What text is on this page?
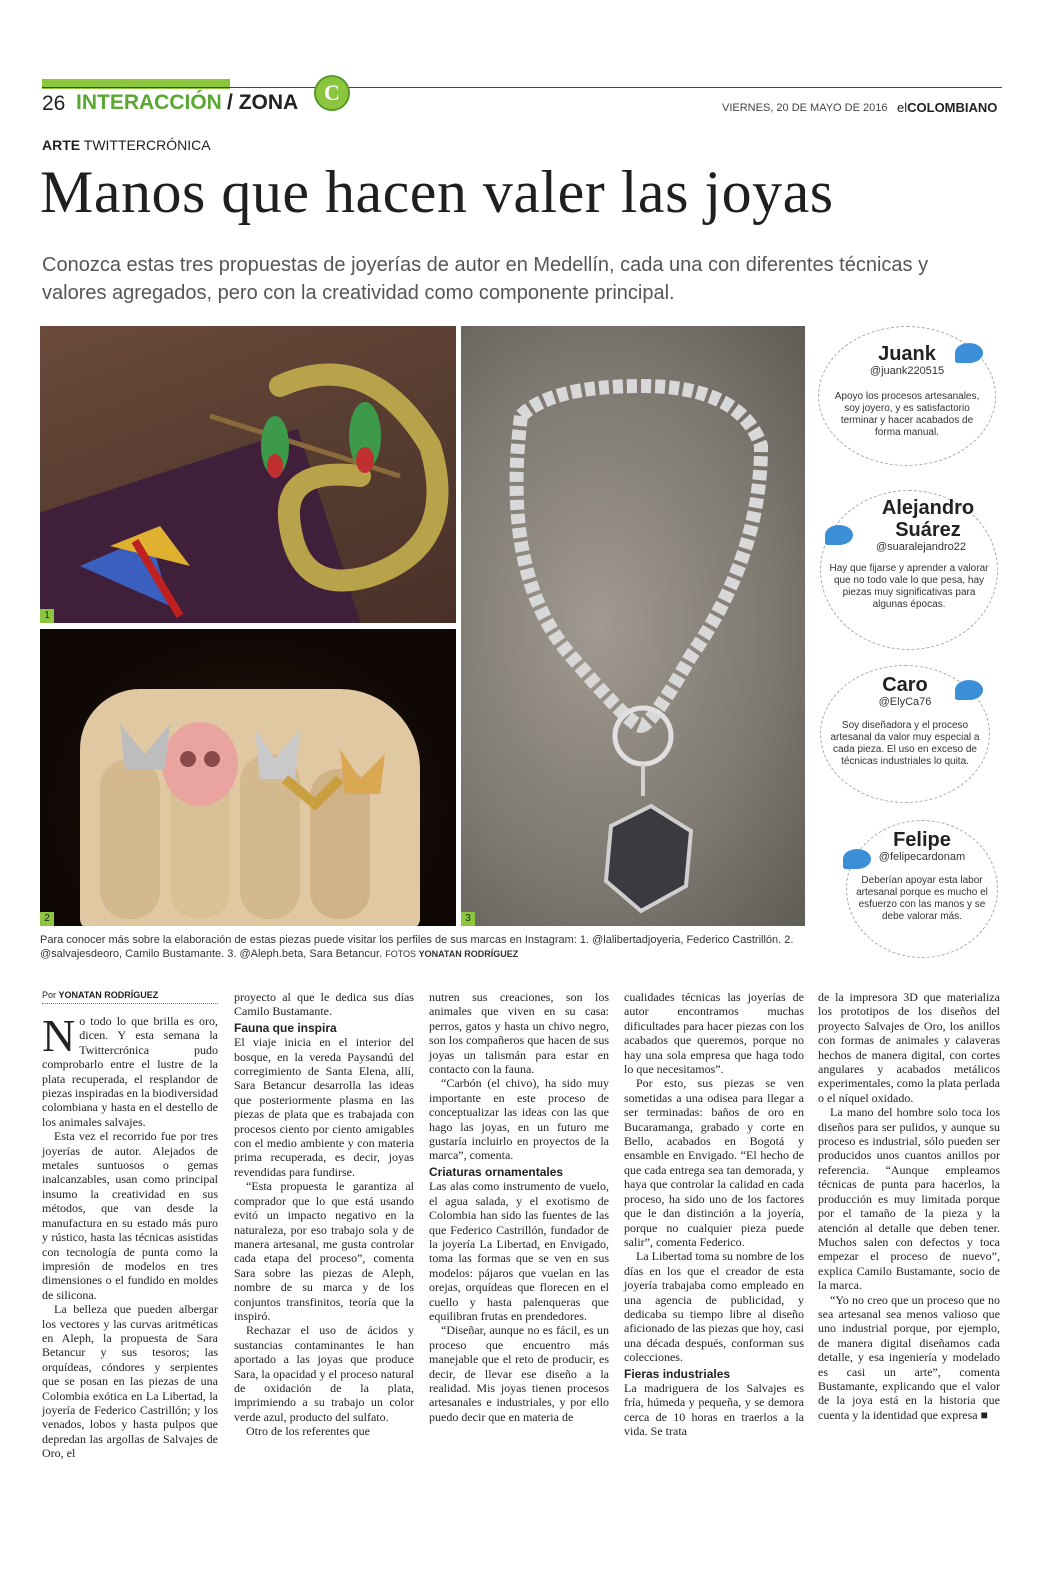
26 INTERACCIÓN / ZONA C
VIERNES, 20 DE MAYO DE 2016 elCOLOMBIANO
ARTE TWITTERCRÓNICA
Manos que hacen valer las joyas
Conozca estas tres propuestas de joyerías de autor en Medellín, cada una con diferentes técnicas y valores agregados, pero con la creatividad como componente principal.
1
2	3
Para conocer más sobre la elaboración de estas piezas puede visitar los perfiles de sus marcas en Instagram: 1. @lalibertadjoyeria, Federico Castrillón. 2. @salvajesdeoro, Camilo Bustamante. 3. @Aleph.beta, Sara Betancur. FOTOS YONATAN RODRÍGUEZ
Juank
@juank220515
Apoyo los procesos artesanales, soy joyero, y es satisfactorio terminar y hacer acabados de forma manual.
Alejandro Suárez
@suaralejandro22
Hay que fijarse y aprender a valorar que no todo vale lo que pesa, hay piezas muy significativas para algunas épocas.
Caro
@ElyCa76
Soy diseñadora y el proceso artesanal da valor muy especial a cada pieza. El uso en exceso de técnicas industriales lo quita.
Felipe
@felipecardonam
Deberían apoyar esta labor artesanal porque es mucho el esfuerzo con las manos y se debe valorar más.
Por YONATAN RODRÍGUEZ

No todo lo que brilla es oro, dicen. Y esta semana la Twittercrónica pudo comprobarlo entre el lustre de la plata recuperada, el resplandor de piezas inspiradas en la biodiversidad colombiana y hasta en el destello de los animales salvajes.

Esta vez el recorrido fue por tres joyerías de autor. Alejados de metales suntuosos o gemas inalcanzables, usan como principal insumo la creatividad en sus métodos, que van desde la manufactura en su estado más puro y rústico, hasta las técnicas asistidas con tecnología de punta como la impresión de modelos en tres dimensiones o el fundido en moldes de silicona.

La belleza que pueden albergar los vectores y las curvas aritméticas en Aleph, la propuesta de Sara Betancur y sus tesoros; las orquídeas, cóndores y serpientes que se posan en las piezas de una Colombia exótica en La Libertad, la joyería de Federico Castrillón; y los venados, lobos y hasta pulpos que depredan las argollas de Salvajes de Oro, el

proyecto al que le dedica sus días Camilo Bustamante.

Fauna que inspira

El viaje inicia en el interior del bosque, en la vereda Paysandú del corregimiento de Santa Elena, allí, Sara Betancur desarrolla las ideas que posteriormente plasma en las piezas de plata que es trabajada con procesos ciento por ciento amigables con el medio ambiente y con materia prima recuperada, es decir, joyas revendidas para fundirse.

“Esta propuesta le garantiza al comprador que lo que está usando evitó un impacto negativo en la naturaleza, por eso trabajo sola y de manera artesanal, me gusta controlar cada etapa del proceso”, comenta Sara sobre las piezas de Aleph, nombre de su marca y de los conjuntos transfinitos, teoría que la inspiró.

Rechazar el uso de ácidos y sustancias contaminantes le han aportado a las joyas que produce Sara, la opacidad y el proceso natural de oxidación de la plata, imprimiendo a su trabajo un color verde azul, producto del sulfato.

Otro de los referentes que

nutren sus creaciones, son los animales que viven en su casa: perros, gatos y hasta un chivo negro, son los compañeros que hacen de sus joyas un talismán para estar en contacto con la fauna.

“Carbón (el chivo), ha sido muy importante en este proceso de conceptualizar las ideas con las que hago las joyas, en un futuro me gustaría incluirlo en proyectos de la marca”, comenta.

Criaturas ornamentales

Las alas como instrumento de vuelo, el agua salada, y el exotismo de Colombia han sido las fuentes de las que Federico Castrillón, fundador de la joyería La Libertad, en Envigado, toma las formas que se ven en sus modelos: pájaros que vuelan en las orejas, orquídeas que florecen en el cuello y hasta palenqueras que equilibran frutas en prendedores.

“Diseñar, aunque no es fácil, es un proceso que encuentro más manejable que el reto de producir, es decir, de llevar ese diseño a la realidad. Mis joyas tienen procesos artesanales e industriales, y por ello puedo decir que en materia de

cualidades técnicas las joyerías de autor encontramos muchas dificultades para hacer piezas con los acabados que queremos, porque no hay una sola empresa que haga todo lo que necesitamos”.

Por esto, sus piezas se ven sometidas a una odisea para llegar a ser terminadas: baños de oro en Bucaramanga, grabado y corte en Bello, acabados en Bogotá y ensamble en Envigado. “El hecho de que cada entrega sea tan demorada, y haya que controlar la calidad en cada proceso, ha sido uno de los factores que le dan distinción a la joyería, porque no cualquier pieza puede salir”, comenta Federico.

La Libertad toma su nombre de los días en los que el creador de esta joyería trabajaba como empleado en una agencia de publicidad, y dedicaba su tiempo libre al diseño aficionado de las piezas que hoy, casi una década después, conforman sus colecciones.

Fieras industriales

La madriguera de los Salvajes es fría, húmeda y pequeña, y se demora cerca de 10 horas en traerlos a la vida. Se trata

de la impresora 3D que materializa los prototipos de los diseños del proyecto Salvajes de Oro, los anillos con formas de animales y calaveras hechos de manera digital, con cortes angulares y acabados metálicos experimentales, como la plata perlada o el níquel oxidado.

La mano del hombre solo toca los diseños para ser pulidos, y aunque su proceso es industrial, sólo pueden ser producidos unos cuantos anillos por referencia. “Aunque empleamos técnicas de punta para hacerlos, la producción es muy limitada porque por el tamaño de la pieza y la atención al detalle que deben tener. Muchos salen con defectos y toca empezar el proceso de nuevo”, explica Camilo Bustamante, socio de la marca.

“Yo no creo que un proceso que no sea artesanal sea menos valioso que uno industrial porque, por ejemplo, de manera digital diseñamos cada detalle, y esa ingeniería y modelado es casi un arte”, comenta Bustamante, explicando que el valor de la joya está en la historia que cuenta y la identidad que expresa ■
